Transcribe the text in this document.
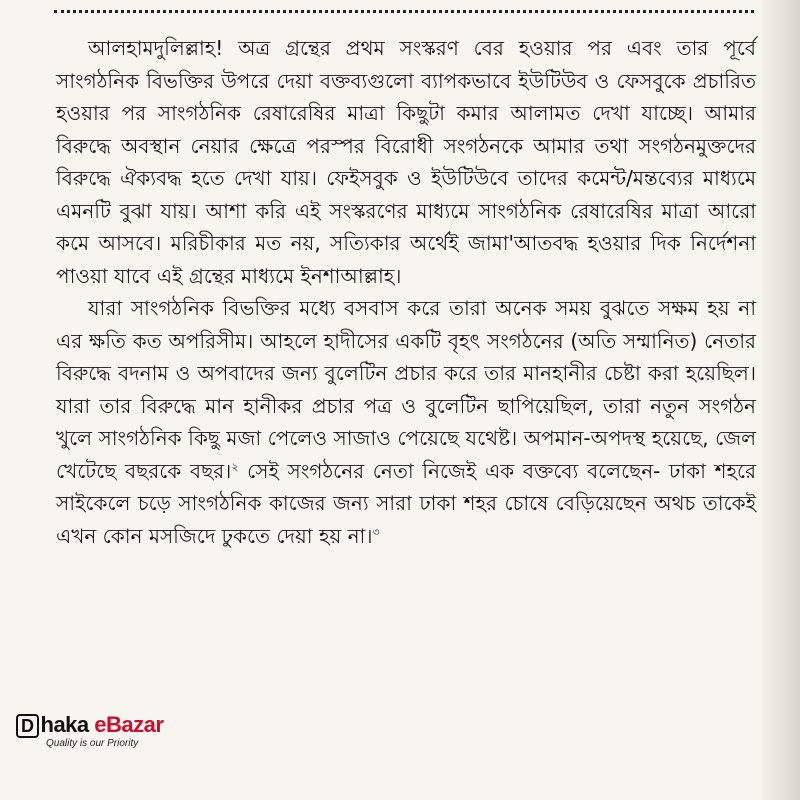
আলহামদুলিল্লাহ! অত্র গ্রন্থের প্রথম সংস্করণ বের হওয়ার পর এবং তার পূর্বে সাংগঠনিক বিভক্তির উপরে দেয়া বক্তব্যগুলো ব্যাপকভাবে ইউটিউব ও ফেসবুকে প্রচারিত হওয়ার পর সাংগঠনিক রেষারেষির মাত্রা কিছুটা কমার আলামত দেখা যাচ্ছে। আমার বিরুদ্ধে অবস্থান নেয়ার ক্ষেত্রে পরস্পর বিরোধী সংগঠনকে আমার তথা সংগঠনমুক্তদের বিরুদ্ধে ঐক্যবদ্ধ হতে দেখা যায়। ফেইসবুক ও ইউটিউবে তাদের কমেন্ট/মন্তব্যের মাধ্যমে এমনটি বুঝা যায়। আশা করি এই সংস্করণের মাধ্যমে সাংগঠনিক রেষারেষির মাত্রা আরো কমে আসবে। মরিচীকার মত নয়, সত্যিকার অর্থেই জামা'আতবদ্ধ হওয়ার দিক নির্দেশনা পাওয়া যাবে এই গ্রন্থের মাধ্যমে ইনশাআল্লাহ।

যারা সাংগঠনিক বিভক্তির মধ্যে বসবাস করে তারা অনেক সময় বুঝতে সক্ষম হয় না এর ক্ষতি কত অপরিসীম। আহলে হাদীসের একটি বৃহৎ সংগঠনের (অতি সম্মানিত) নেতার বিরুদ্ধে বদনাম ও অপবাদের জন্য বুলেটিন প্রচার করে তার মানহানীর চেষ্টা করা হয়েছিল। যারা তার বিরুদ্ধে মান হানীকর প্রচার পত্র ও বুলেটিন ছাপিয়েছিল, তারা নতুন সংগঠন খুলে সাংগঠনিক কিছু মজা পেলেও সাজাও পেয়েছে যথেষ্ট। অপমান-অপদস্থ হয়েছে, জেল খেটেছে বছরকে বছর।$^২$ সেই সংগঠনের নেতা নিজেই এক বক্তব্যে বলেছেন- ঢাকা শহরে সাইকেলে চড়ে সাংগঠনিক কাজের জন্য সারা ঢাকা শহর চোষে বেড়িয়েছেন অথচ তাকেই এখন কোন মসজিদে ঢুকতে দেয়া হয় না।$^৩$

D haka eBazar
Quality is our Priority
